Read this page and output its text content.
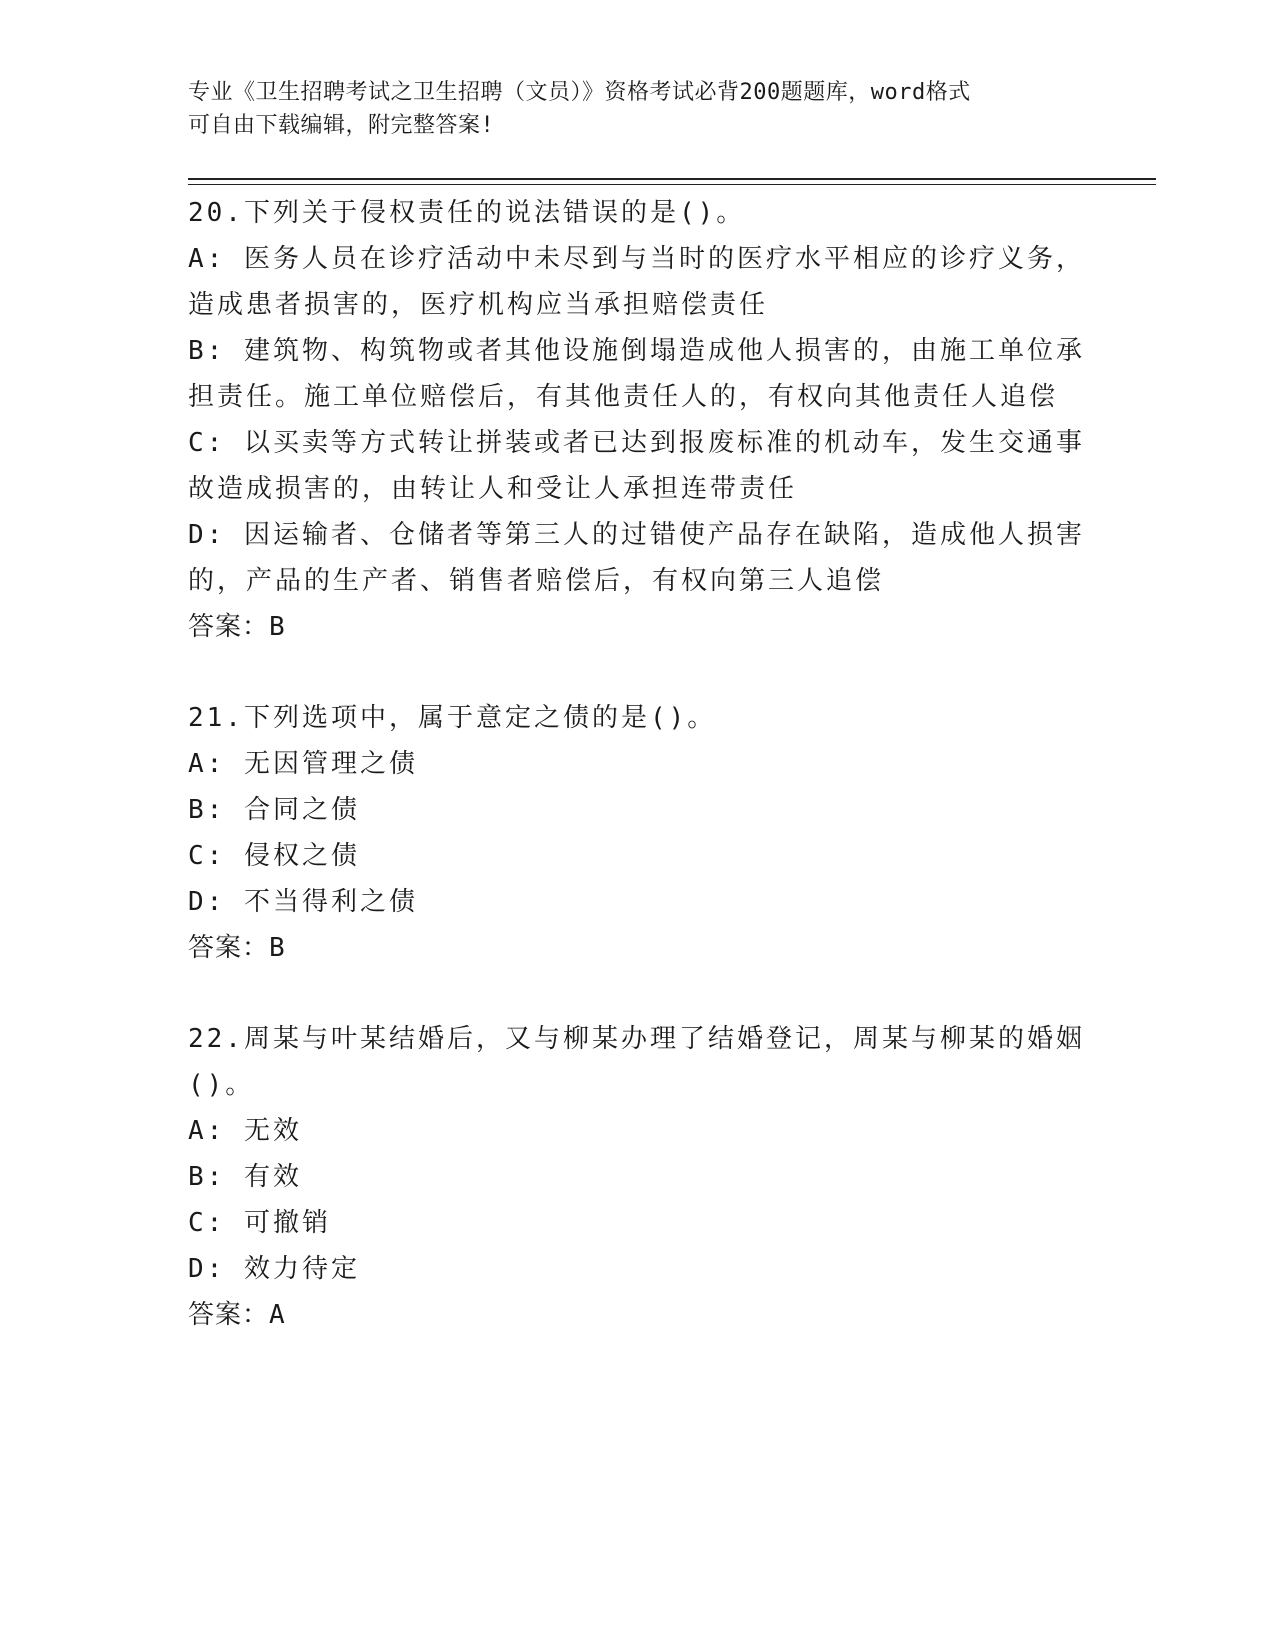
专业《卫生招聘考试之卫生招聘（文员）》资格考试必背200题题库，word格式

可自由下载编辑，附完整答案!

20.下列关于侵权责任的说法错误的是()。

A: 医务人员在诊疗活动中未尽到与当时的医疗水平相应的诊疗义务，

造成患者损害的，医疗机构应当承担赔偿责任

B: 建筑物、构筑物或者其他设施倒塌造成他人损害的，由施工单位承

担责任。施工单位赔偿后，有其他责任人的，有权向其他责任人追偿

C: 以买卖等方式转让拼装或者已达到报废标准的机动车，发生交通事

故造成损害的，由转让人和受让人承担连带责任

D: 因运输者、仓储者等第三人的过错使产品存在缺陷，造成他人损害

的，产品的生产者、销售者赔偿后，有权向第三人追偿

答案：B

21.下列选项中，属于意定之债的是()。

A: 无因管理之债

B: 合同之债

C: 侵权之债

D: 不当得利之债

答案：B

22.周某与叶某结婚后，又与柳某办理了结婚登记，周某与柳某的婚姻

()。

A: 无效

B: 有效

C: 可撤销

D: 效力待定

答案：A
